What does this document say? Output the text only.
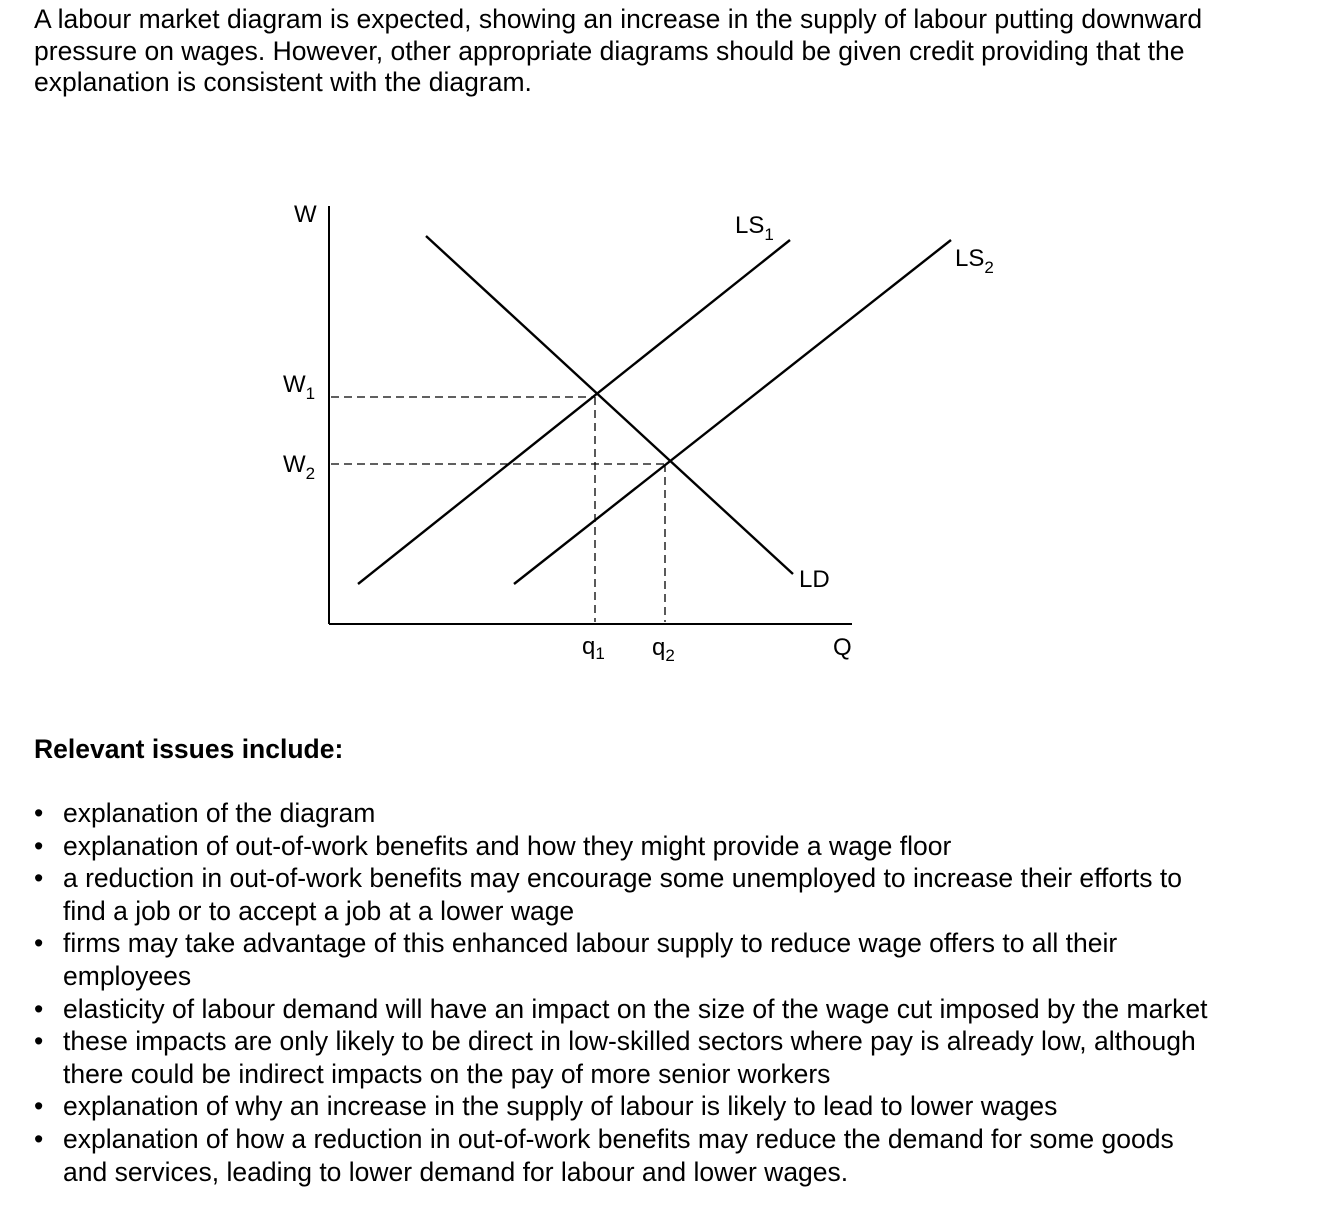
A labour market diagram is expected, showing an increase in the supply of labour putting downward

pressure on wages. However, other appropriate diagrams should be given credit providing that the

explanation is consistent with the diagram.

W
$W_1$
$W_2$
$q_1$ $q_2$	Q
$LS_1$
$LS_2$
LD
Relevant issues include:
• explanation of the diagram
• explanation of out-of-work benefits and how they might provide a wage floor
• a reduction in out-of-work benefits may encourage some unemployed to increase their efforts to
find a job or to accept a job at a lower wage
• firms may take advantage of this enhanced labour supply to reduce wage offers to all their
employees
• elasticity of labour demand will have an impact on the size of the wage cut imposed by the market
• these impacts are only likely to be direct in low-skilled sectors where pay is already low, although
there could be indirect impacts on the pay of more senior workers
• explanation of why an increase in the supply of labour is likely to lead to lower wages
• explanation of how a reduction in out-of-work benefits may reduce the demand for some goods
and services, leading to lower demand for labour and lower wages.
